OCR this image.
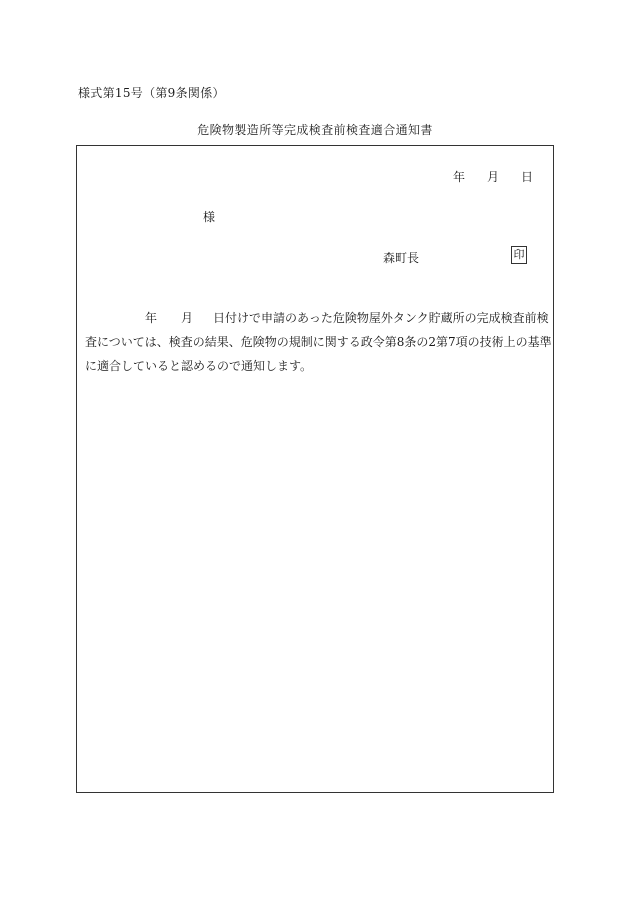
様式第15号（第9条関係）
危険物製造所等完成検査前検査適合通知書
年 月 日
様
森町長	印
年 月 日付けで申請のあった危険物屋外タンク貯蔵所の完成検査前検
査については、検査の結果、危険物の規制に関する政令第8条の2第7項の技術上の基準
に適合していると認めるので通知します。
